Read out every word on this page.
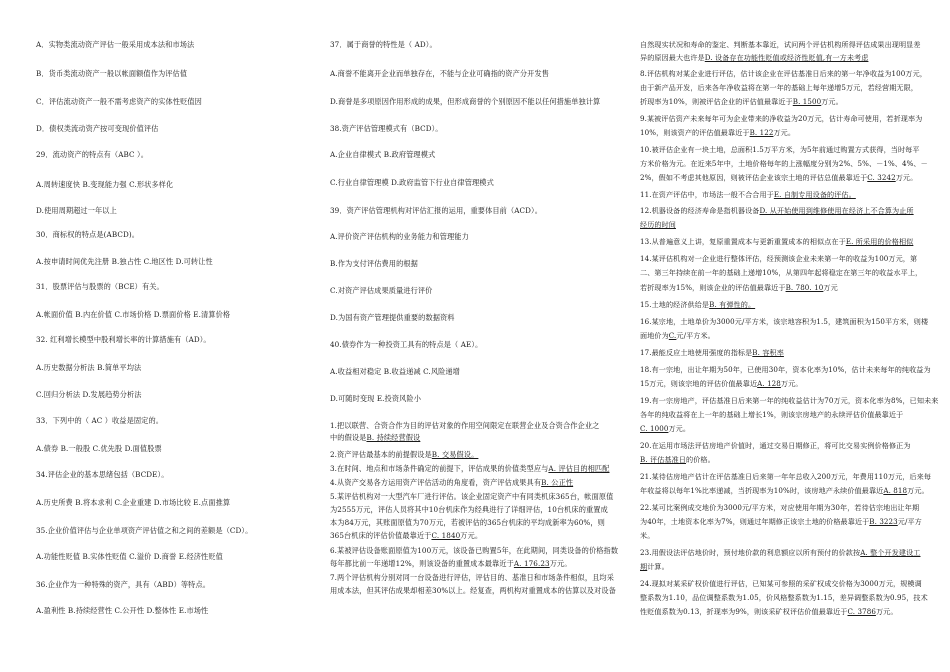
A．实物类流动资产评估一般采用成本法和市场法
B．货币类流动资产一般以帐面额值作为评估值
C．评估流动资产一般不需考虑资产的实体性贬值因
D．债权类流动资产按可变现价值评估
29．流动资产的特点有（ABC ）。
A.周转速度快 B.变现能力强 C.形状多样化
D.使用周期超过一年以上
30．商标权的特点是(ABCD)。
A.按申请时间优先注册 B.独占性 C.地区性 D.可转让性
31．股票评估与股票的（BCE）有关。
A.帐面价值 B.内在价值 C.市场价格 D.票面价格 E.清算价格
32. 红利增长模型中股利增长率的计算措施有（AD）。
A.历史数据分析法 B.简单平均法
C.回归分析法 D.发展趋势分析法
33．下列中的（ AC ）收益是固定的。
A.债券 B.一般股 C.优先股 D.面值股票
34.评估企业的基本思绪包括（BCDE）。
A.历史所费 B.将本求利 C.企业重建 D.市场比较 E.点面推算
35.企业价值评估与企业单项资产评估值之和之间的差额是（CD）。
A.功能性贬值 B.实体性贬值 C.溢价 D.商誉 E.经济性贬值
36.企业作为一种特殊的资产，具有（ABD）等特点。
A.盈利性 B.持续经营性 C.公开性 D.整体性 E.市场性
37．属于商誉的特性是（ AD）。
A.商誉不能离开企业而单独存在，不能与企业可确指的资产分开发售
D.商誉是多项原因作用形成的成果，但形成商誉的个别原因不能以任何措施单独计算
38.资产评估管理模式有（BCD）。
A.企业自律模式 B.政府管理模式
C.行业自律管理模 D.政府监管下行业自律管理模式
39．资产评估管理机构对评估汇报的运用，重要体目前（ACD）。
A.评价资产评估机构的业务能力和管理能力
B.作为支付评估费用的根据
C.对资产评估成果质量进行评价
D.为国有资产管理提供重要的数据资料
40.债券作为一种投资工具有的特点是（ AE）。
A.收益相对稳定 B.收益递减 C.风险递增
D.可随时变现 E.投资风险小
1.把以联营、合资合作为目的评估对象的作用空间限定在联营企业及合资合作企业之
中的假设是B. 持续经营假设
2.资产评估最基本的前提假设是B. 交易假设。
3.在时间、地点和市场条件确定的前提下，评估成果的价值类型应与A. 评估目的相匹配
4.从资产交易各方运用资产评估活动的角度看，资产评估成果具有B. 公正性
5.某评估机构对一大型汽车厂进行评估。该企业固定资产中有同类机床365台，帐面原值
为2555万元，评估人员将其中10台机床作为经典进行了详细评估，10台机床的重置成
本为84万元，其账面原值为70万元，若被评估的365台机床的平均成新率为60%，则
365台机床的评估价值最靠近于C. 1840万元。
6.某被评估设备账面原值为100万元，该设备已购置5年，在此期间，同类设备的价格指数
每年都比前一年递增12%，则该设备的重置成本最靠近于A. 176.23万元。
7.两个评估机构分别对同一台设备进行评估，评估目的、基准日和市场条件相似，且均采
用成本法，但其评估成果却相差30%以上。经复查，两机构对重置成本的估算以及对设备
自然现实状况和寿命的鉴定、判断基本靠近，试问两个评估机构所得评估成果出现明显差
异的原因最大也许是D. 设备存在功能性贬值或经济性贬值,有一方未考虑
8.评估机构对某企业进行评估，估计该企业在评估基准日后来的第一年净收益为100万元，
由于新产品开发，后来各年净收益将在第一年的基础上每年递增5万元，若经营期无限，
折现率为10%，则被评估企业的评估值最靠近于B. 1500万元。
9.某被评估资产未来每年可为企业带来的净收益为20万元，估计寿命可使用，若折现率为
10%，则该资产的评估值最靠近于B. 122万元。
10.被评估企业有一块土地，总面积1.5万平方米，为5年前通过购置方式获得，当时每平
方米价格为元。在近来5年中，土地价格每年的上涨幅度分别为2%、5%、－1%、4%、－
2%，假如不考虑其他原因，则被评估企业该宗土地的评估总值最靠近于C. 3242万元。
11.在资产评估中，市场法一般不合合用于E. 自制专用设备的评估。
12.机器设备的经济寿命是指机器设备D. 从开始使用到维修使用在经济上不合算为止所
经历的时间
13.从普遍意义上讲，复原重置成本与更新重置成本的相似点在于E. 所采用的价格相似
14.某评估机构对一企业进行整体评估，经预测该企业未来第一年的收益为100万元，第
二、第三年持续在前一年的基础上递增10%，从第四年起将稳定在第三年的收益水平上，
若折现率为15%，则该企业的评估值最靠近于B. 780. 10万元
15.土地的经济供给是B. 有弹性的。
16.某宗地，土地单价为3000元/平方米，该宗地容积为1.5，建筑面积为150平方米，则楼
面地价为C.元/平方米。
17.最能反应土地使用强度的指标是B. 容积率
18.有一宗地，出让年期为50年，已使用30年，资本化率为10%，估计未来每年的纯收益为
15万元，则该宗地的评估价值最靠近A. 128万元。
19.有一宗房地产，评估基准日后来第一年的纯收益估计为70万元，资本化率为8%，已知未来
各年的纯收益将在上一年的基础上增长1%，则该宗房地产的永续评估价值最靠近于
C. 1000万元。
20.在运用市场法评估房地产价值时，通过交易日期修正，将可比交易实例价格修正为
B. 评估基准日的价格。
21.某待估房地产估计在评估基准日后来第一年年总收入200万元，年费用110万元，后来每
年收益将以每年1%比率递减，当折现率为10%时，该房地产永续价值最靠近A. 818万元。
22.某可比案例成交地价为3000元/平方米，对应使用年期为30年，若待估宗地出让年期
为40年，土地资本化率为7%，则通过年期修正该宗土地的价格最靠近于B. 3223元/平方
米。
23.用假设法评估地价时，预付地价款的利息额应以所有预付的价款按A. 整个开发建设工
期计算。
24.现拟对某采矿权价值进行评估，已知某可参照的采矿权成交价格为3000万元，规模调
整系数为1.10，品位调整系数为1.05，价风格整系数为1.15，差异调整系数为0.95，技术
性贬值系数为0.13，折现率为9%，则该采矿权评估价值最靠近于C. 3786万元。
